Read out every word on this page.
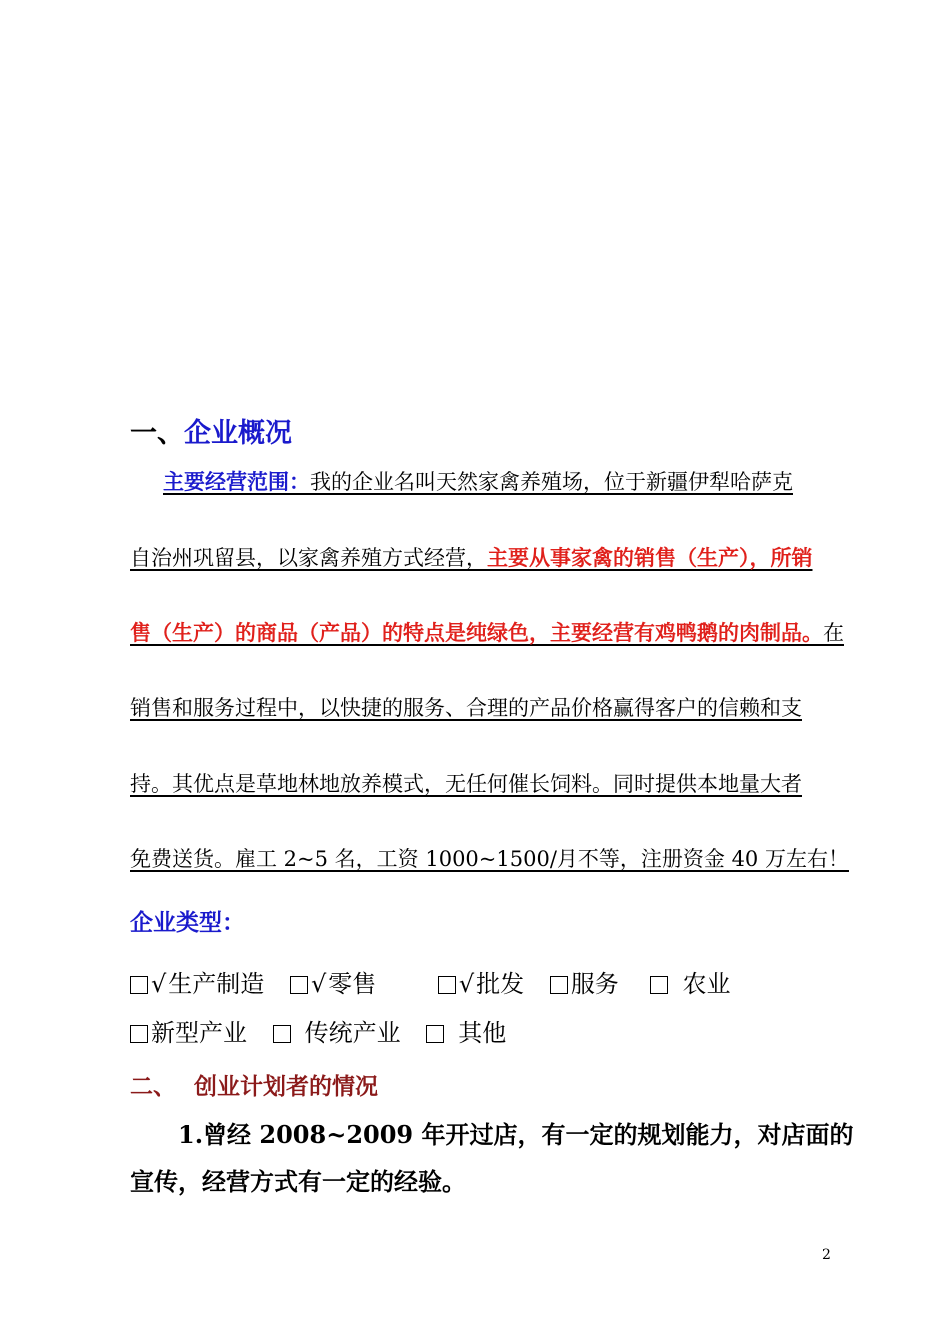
一、企业概况
主要经营范围：我的企业名叫天然家禽养殖场，位于新疆伊犁哈萨克
自治州巩留县，以家禽养殖方式经营，主要从事家禽的销售（生产），所销
售（生产）的商品（产品）的特点是纯绿色，主要经营有鸡鸭鹅的肉制品。在
销售和服务过程中，以快捷的服务、合理的产品价格赢得客户的信赖和支
持。其优点是草地林地放养模式，无任何催长饲料。同时提供本地量大者
免费送货。雇工 2~5 名，工资 1000~1500/月不等，注册资金 40 万左右！
企业类型：
√生产制造 √零售	√批发 服务	农业
新型产业 传统产业 其他
二、 创业计划者的情况
1.曾经 2008~2009 年开过店，有一定的规划能力，对店面的
宣传，经营方式有一定的经验。
2
